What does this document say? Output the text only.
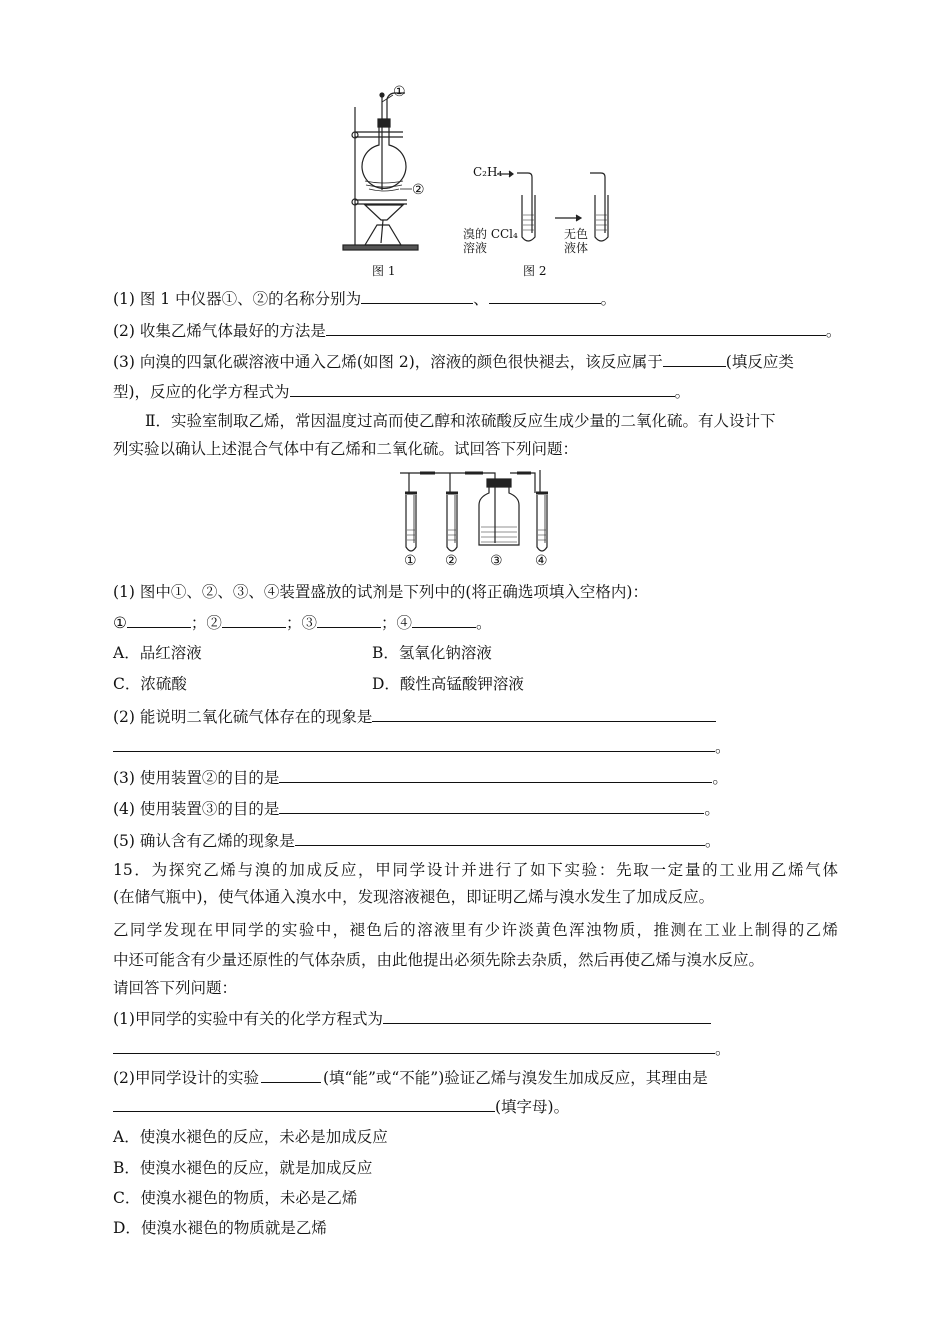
①
②
图 1
C₂H₄
溴的 CCl₄
溶液
无色
液体
图 2
(1) 图 1 中仪器①、②的名称分别为	、	。
(2) 收集乙烯气体最好的方法是	。
(3) 向溴的四氯化碳溶液中通入乙烯(如图 2)，溶液的颜色很快褪去，该反应属于	(填反应类
型)，反应的化学方程式为	。
Ⅱ．实验室制取乙烯，常因温度过高而使乙醇和浓硫酸反应生成少量的二氧化硫。有人设计下
列实验以确认上述混合气体中有乙烯和二氧化硫。试回答下列问题：
① ② ③ ④
(1) 图中①、②、③、④装置盛放的试剂是下列中的(将正确选项填入空格内)：
①	；②	；③	；④	。
A．品红溶液	B．氢氧化钠溶液
C．浓硫酸	D．酸性高锰酸钾溶液
(2) 能说明二氧化硫气体存在的现象是
。
(3) 使用装置②的目的是	。
(4) 使用装置③的目的是	。
(5) 确认含有乙烯的现象是	。
15．为探究乙烯与溴的加成反应，甲同学设计并进行了如下实验：先取一定量的工业用乙烯气体
(在储气瓶中)，使气体通入溴水中，发现溶液褪色，即证明乙烯与溴水发生了加成反应。
乙同学发现在甲同学的实验中，褪色后的溶液里有少许淡黄色浑浊物质，推测在工业上制得的乙烯
中还可能含有少量还原性的气体杂质，由此他提出必须先除去杂质，然后再使乙烯与溴水反应。
请回答下列问题：
(1)甲同学的实验中有关的化学方程式为
。
(2)甲同学设计的实验	(填“能”或“不能”)验证乙烯与溴发生加成反应，其理由是
(填字母)。
A．使溴水褪色的反应，未必是加成反应
B．使溴水褪色的反应，就是加成反应
C．使溴水褪色的物质，未必是乙烯
D．使溴水褪色的物质就是乙烯
